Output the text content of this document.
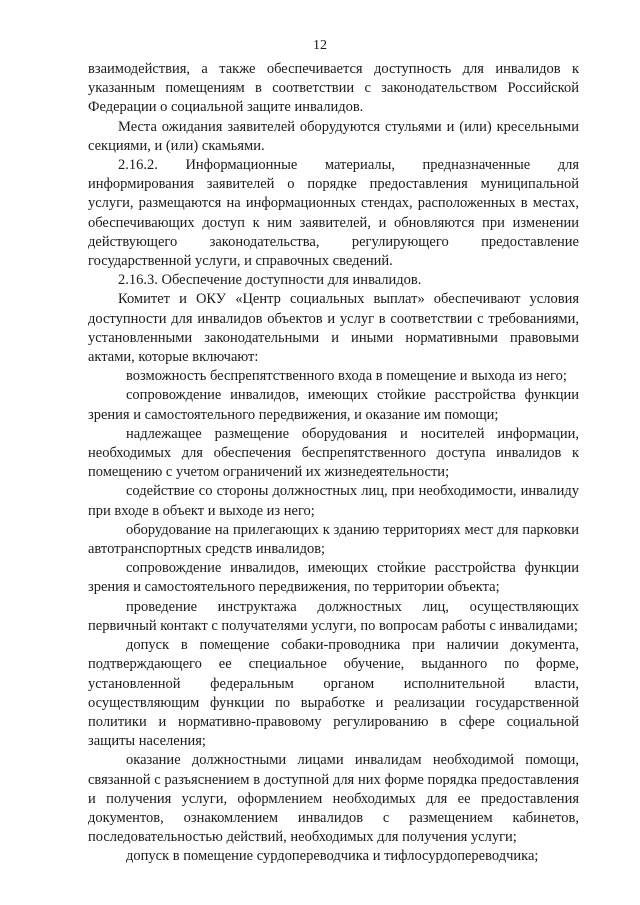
12

взаимодействия, а также обеспечивается доступность для инвалидов к указанным помещениям в соответствии с законодательством Российской Федерации о социальной защите инвалидов.

Места ожидания заявителей оборудуются стульями и (или) кресельными секциями, и (или) скамьями.

2.16.2. Информационные материалы, предназначенные для информирования заявителей о порядке предоставления муниципальной услуги, размещаются на информационных стендах, расположенных в местах, обеспечивающих доступ к ним заявителей, и обновляются при изменении действующего законодательства, регулирующего предоставление государственной услуги, и справочных сведений.

2.16.3. Обеспечение доступности для инвалидов.

Комитет и ОКУ «Центр социальных выплат» обеспечивают условия доступности для инвалидов объектов и услуг в соответствии с требованиями, установленными законодательными и иными нормативными правовыми актами, которые включают:

возможность беспрепятственного входа в помещение и выхода из него;

сопровождение инвалидов, имеющих стойкие расстройства функции зрения и самостоятельного передвижения, и оказание им помощи;

надлежащее размещение оборудования и носителей информации, необходимых для обеспечения беспрепятственного доступа инвалидов к помещению с учетом ограничений их жизнедеятельности;

содействие со стороны должностных лиц, при необходимости, инвалиду при входе в объект и выходе из него;

оборудование на прилегающих к зданию территориях мест для парковки автотранспортных средств инвалидов;

сопровождение инвалидов, имеющих стойкие расстройства функции зрения и самостоятельного передвижения, по территории объекта;

проведение инструктажа должностных лиц, осуществляющих первичный контакт с получателями услуги, по вопросам работы с инвалидами;

допуск в помещение собаки-проводника при наличии документа, подтверждающего ее специальное обучение, выданного по форме, установленной федеральным органом исполнительной власти, осуществляющим функции по выработке и реализации государственной политики и нормативно-правовому регулированию в сфере социальной защиты населения;

оказание должностными лицами инвалидам необходимой помощи, связанной с разъяснением в доступной для них форме порядка предоставления и получения услуги, оформлением необходимых для ее предоставления документов, ознакомлением инвалидов с размещением кабинетов, последовательностью действий, необходимых для получения услуги;

допуск в помещение сурдопереводчика и тифлосурдопереводчика;
